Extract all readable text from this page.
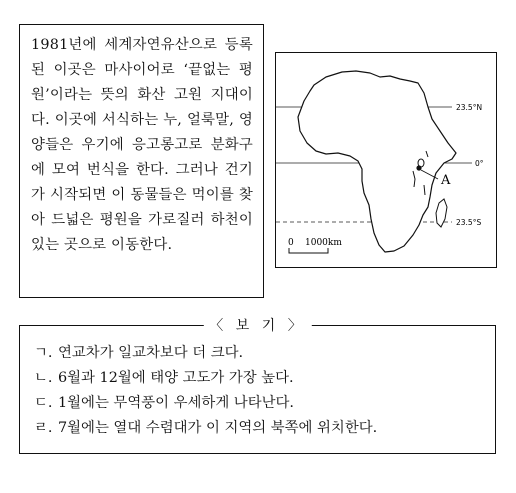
1981년에 세계자연유산으로 등록된 이곳은 마사이어로 ‘끝없는 평원’이라는 뜻의 화산 고원 지대이다. 이곳에 서식하는 누, 얼룩말, 영양들은 우기에 응고롱고로 분화구에 모여 번식을 한다. 그러나 건기가 시작되면 이 동물들은 먹이를 찾아 드넓은 평원을 가로질러 하천이 있는 곳으로 이동한다.

A
23.5°N
0°
23.5°S
0 1000km
〈 보 기 〉
ㄱ. 연교차가 일교차보다 더 크다.
ㄴ. 6월과 12월에 태양 고도가 가장 높다.
ㄷ. 1월에는 무역풍이 우세하게 나타난다.
ㄹ. 7월에는 열대 수렴대가 이 지역의 북쪽에 위치한다.
